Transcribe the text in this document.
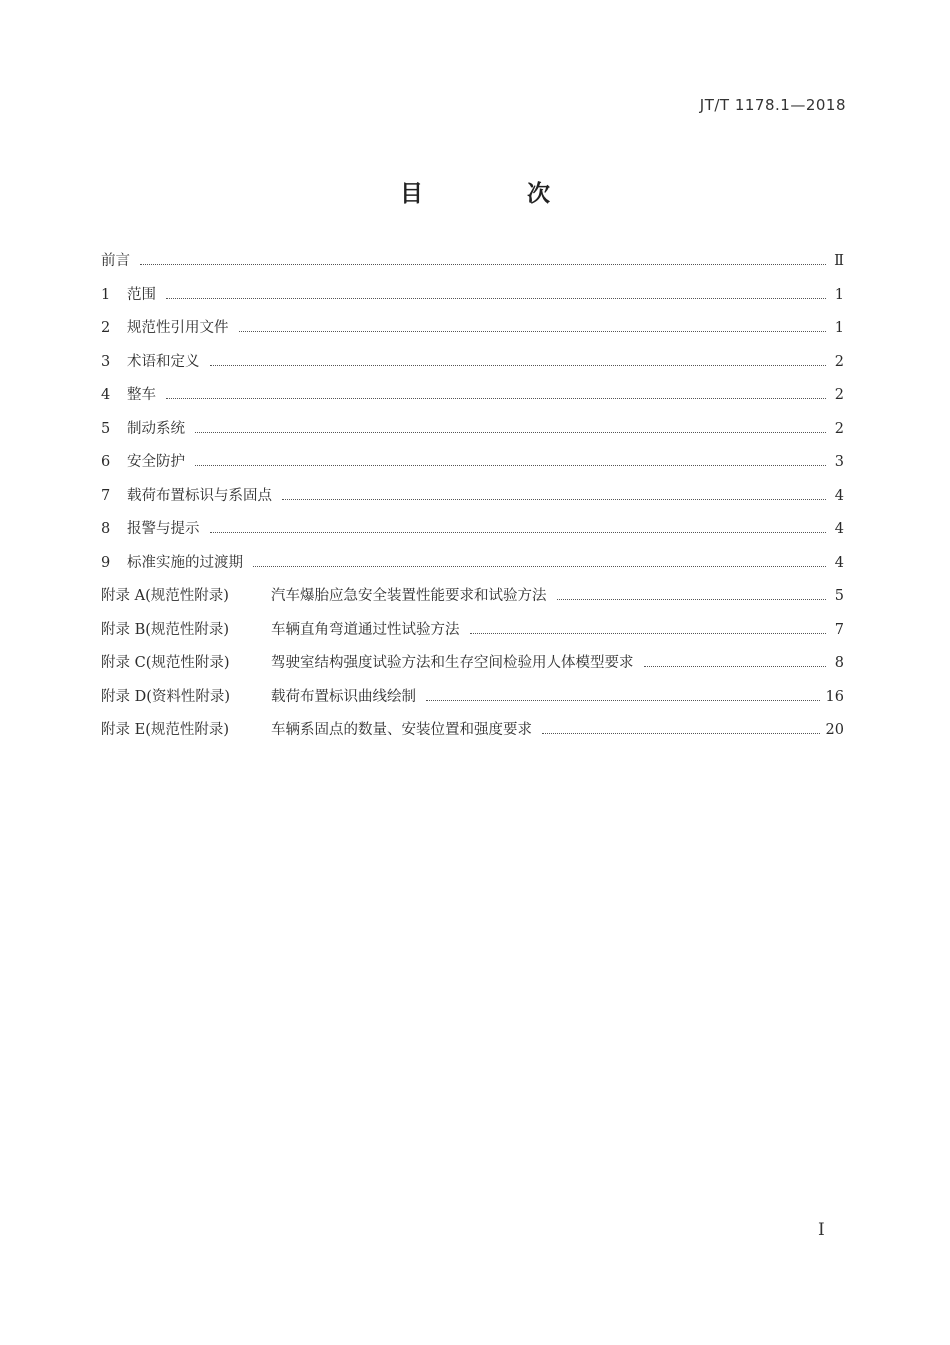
JT/T 1178.1—2018
目 次
前言	Ⅱ
1	范围	1
2	规范性引用文件	1
3	术语和定义	2
4	整车	2
5	制动系统	2
6	安全防护	3
7	载荷布置标识与系固点	4
8	报警与提示	4
9	标准实施的过渡期	4
附录 A(规范性附录)	汽车爆胎应急安全装置性能要求和试验方法	5
附录 B(规范性附录)	车辆直角弯道通过性试验方法	7
附录 C(规范性附录)	驾驶室结构强度试验方法和生存空间检验用人体模型要求	8
附录 D(资料性附录)	载荷布置标识曲线绘制	16
附录 E(规范性附录)	车辆系固点的数量、安装位置和强度要求	20
I
